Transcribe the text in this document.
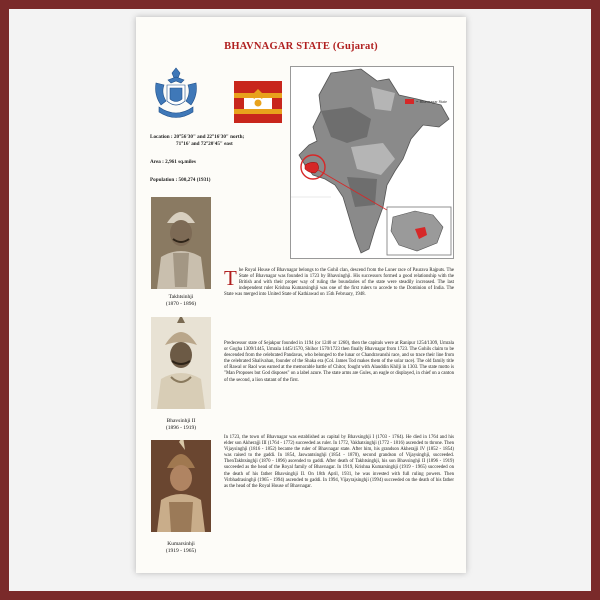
BHAVNAGAR STATE (Gujarat)
Location : 20°56'30" and 22°16'30" north;
71°16' and 72°20'45" east
Area : 2,961 sq.miles
Population : 500,274 (1931)
= Bhavnagar State
Takhtsinhji
(1870 - 1896)
Bhavsinhji II
(1896 - 1919)
Kumarsinhji
(1919 - 1965)
The Royal House of Bhavnagar belongs to the Gohil clan, descend from the Luner race of Paurava Rajputs. The State of Bhavnagar was founded in 1723 by Bhavsinghji. His successors formed a good relationship with the British and with their proper way of ruling the boundaries of the state were steadily increased. The last independent ruler Krishna Kumarsinghji was one of the first rulers to accede to the Dominion of India. The State was merged into United State of Kathiawad on 15th February, 1948.
Predecessor state of Sejakpur founded in 1194 (or 1240 or 1260), then the capitals were at Ranipur 1254/1309, Umrala or Gogha 1309/1445, Umrala 1445/1570, Shihor 1570/1723 then finally Bhavnagar from 1723. The Gohils claim to be descended from the celebrated Pandavas, who belonged to the lunar or Chandravanshi race, and so trace their line from the celebrated Shalivahan, founder of the Shaka era (Col. James Tod makes them of the solar race). The old family title of Rawal or Raol was earned at the memorable battle of Chitor, fought with Alauddin Khilji in 1303. The state motto is "Man Proposes but God disposes" on a label azure. The state arms are Gules, an eagle or displayed, in chief on a canton of the second, a lion statant of the first.
In 1723, the town of Bhavnagar was established as capital by Bhavsinghji I (1703 - 1764). He died in 1764 and his elder son Akherajji III (1764 - 1772) succeeded as ruler. In 1772, Vakhatsinghji (1772 - 1816) ascended to throne. Then Vijaysinghji (1816 - 1852) became the ruler of Bhavnagar state. After him, his grandson Akherajji IV (1852 - 1854) was raised to the gaddi. In 1854, Jaswantsinghji (1854 - 1870), second grandson of Vijaysinghji, succeeded. ThenTakhtsinghji (1870 - 1896) ascended to gaddi. After death of Takhtsinghji, his son Bhavsinghji II (1896 - 1919) succeeded as the head of the Royal family of Bhavnagar. In 1919, Krishna Kumarsinghji (1919 - 1965) succeeded on the death of his father Bhavsinghji II. On 18th April, 1931, he was invested with full ruling powers. Then Virbhadrasinghji (1965 - 1994) ascended to gaddi. In 1994, Vijayrajsinghji (1994) succeeded on the death of his father as the head of the Royal House of Bhavnagar.
